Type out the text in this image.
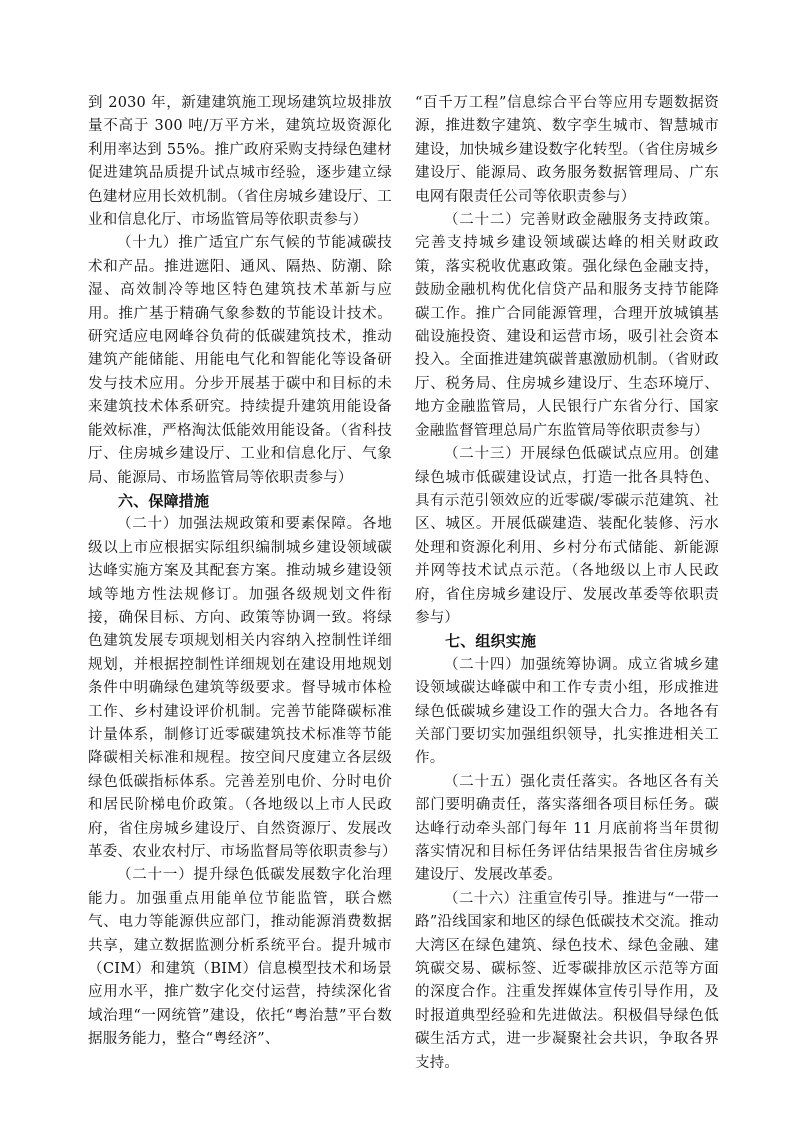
到 2030 年，新建建筑施工现场建筑垃圾排放量不高于 300 吨/万平方米，建筑垃圾资源化利用率达到 55%。推广政府采购支持绿色建材促进建筑品质提升试点城市经验，逐步建立绿色建材应用长效机制。（省住房城乡建设厅、工业和信息化厅、市场监管局等依职责参与）

（十九）推广适宜广东气候的节能减碳技术和产品。推进遮阳、通风、隔热、防潮、除湿、高效制冷等地区特色建筑技术革新与应用。推广基于精确气象参数的节能设计技术。研究适应电网峰谷负荷的低碳建筑技术，推动建筑产能储能、用能电气化和智能化等设备研发与技术应用。分步开展基于碳中和目标的未来建筑技术体系研究。持续提升建筑用能设备能效标准，严格淘汰低能效用能设备。（省科技厅、住房城乡建设厅、工业和信息化厅、气象局、能源局、市场监管局等依职责参与）

六、保障措施

（二十）加强法规政策和要素保障。各地级以上市应根据实际组织编制城乡建设领域碳达峰实施方案及其配套方案。推动城乡建设领域等地方性法规修订。加强各级规划文件衔接，确保目标、方向、政策等协调一致。将绿色建筑发展专项规划相关内容纳入控制性详细规划，并根据控制性详细规划在建设用地规划条件中明确绿色建筑等级要求。督导城市体检工作、乡村建设评价机制。完善节能降碳标准计量体系，制修订近零碳建筑技术标准等节能降碳相关标准和规程。按空间尺度建立各层级绿色低碳指标体系。完善差别电价、分时电价和居民阶梯电价政策。（各地级以上市人民政府，省住房城乡建设厅、自然资源厅、发展改革委、农业农村厅、市场监督局等依职责参与）

（二十一）提升绿色低碳发展数字化治理能力。加强重点用能单位节能监管，联合燃气、电力等能源供应部门，推动能源消费数据共享，建立数据监测分析系统平台。提升城市（CIM）和建筑（BIM）信息模型技术和场景应用水平，推广数字化交付运营，持续深化省域治理“一网统管”建设，依托“粤治慧”平台数据服务能力，整合“粤经济”、

“百千万工程”信息综合平台等应用专题数据资源，推进数字建筑、数字孪生城市、智慧城市建设，加快城乡建设数字化转型。（省住房城乡建设厅、能源局、政务服务数据管理局、广东电网有限责任公司等依职责参与）

（二十二）完善财政金融服务支持政策。完善支持城乡建设领域碳达峰的相关财政政策，落实税收优惠政策。强化绿色金融支持，鼓励金融机构优化信贷产品和服务支持节能降碳工作。推广合同能源管理，合理开放城镇基础设施投资、建设和运营市场，吸引社会资本投入。全面推进建筑碳普惠激励机制。（省财政厅、税务局、住房城乡建设厅、生态环境厅、地方金融监管局，人民银行广东省分行、国家金融监督管理总局广东监管局等依职责参与）

（二十三）开展绿色低碳试点应用。创建绿色城市低碳建设试点，打造一批各具特色、具有示范引领效应的近零碳/零碳示范建筑、社区、城区。开展低碳建造、装配化装修、污水处理和资源化利用、乡村分布式储能、新能源并网等技术试点示范。（各地级以上市人民政府，省住房城乡建设厅、发展改革委等依职责参与）

七、组织实施

（二十四）加强统筹协调。成立省城乡建设领域碳达峰碳中和工作专责小组，形成推进绿色低碳城乡建设工作的强大合力。各地各有关部门要切实加强组织领导，扎实推进相关工作。

（二十五）强化责任落实。各地区各有关部门要明确责任，落实落细各项目标任务。碳达峰行动牵头部门每年 11 月底前将当年贯彻落实情况和目标任务评估结果报告省住房城乡建设厅、发展改革委。

（二十六）注重宣传引导。推进与“一带一路”沿线国家和地区的绿色低碳技术交流。推动大湾区在绿色建筑、绿色技术、绿色金融、建筑碳交易、碳标签、近零碳排放区示范等方面的深度合作。注重发挥媒体宣传引导作用，及时报道典型经验和先进做法。积极倡导绿色低碳生活方式，进一步凝聚社会共识，争取各界支持。
